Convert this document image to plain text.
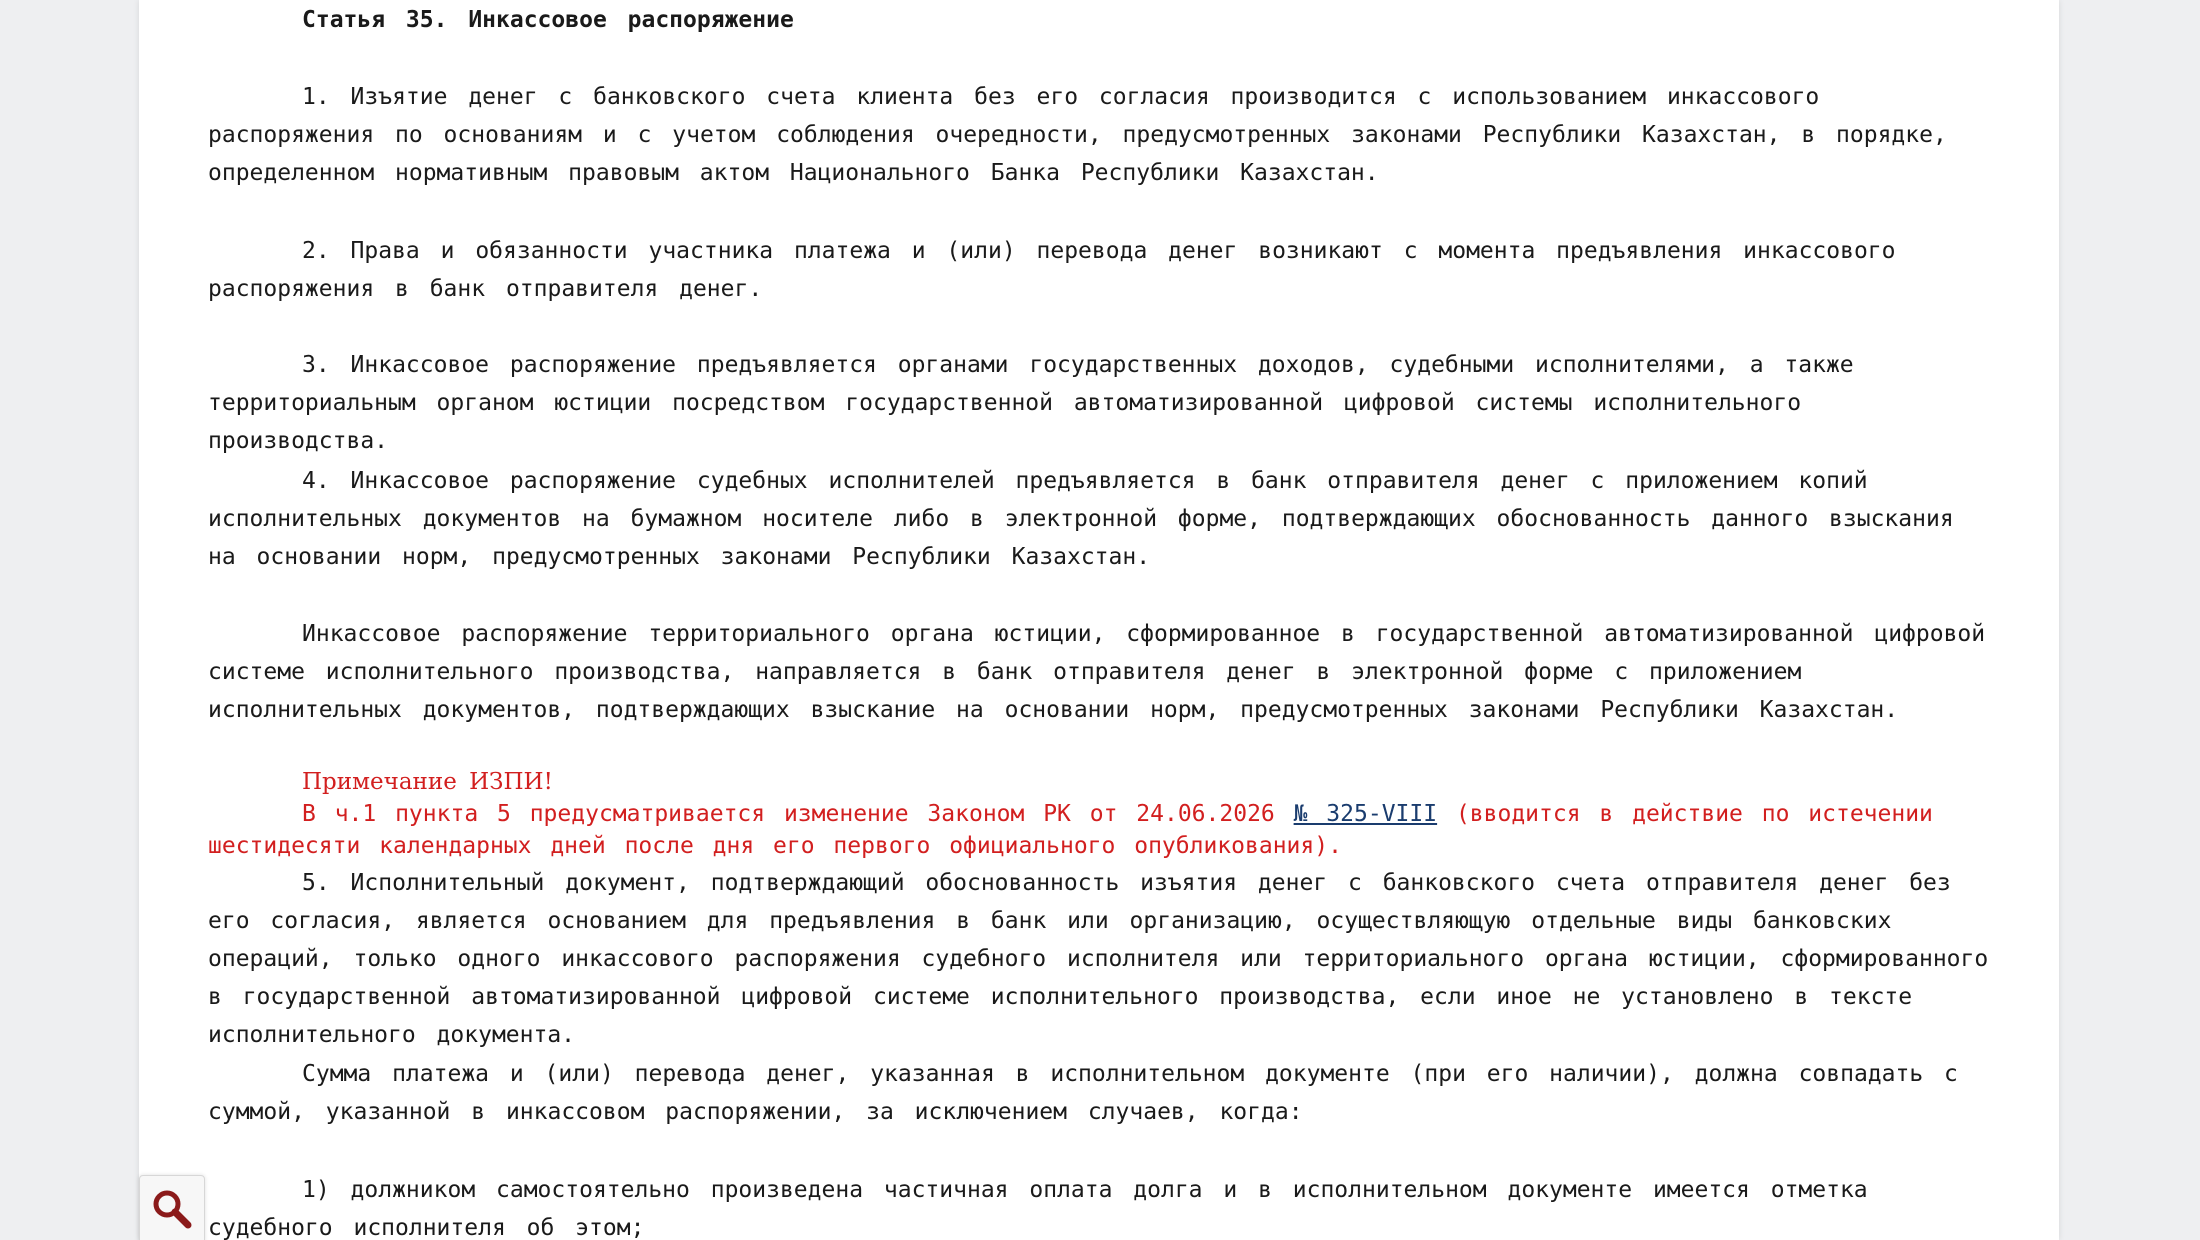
Статья 35. Инкассовое распоряжение
1. Изъятие денег с банковского счета клиента без его согласия производится с использованием инкассового распоряжения по основаниям и с учетом соблюдения очередности, предусмотренных законами Республики Казахстан, в порядке, определенном нормативным правовым актом Национального Банка Республики Казахстан.
2. Права и обязанности участника платежа и (или) перевода денег возникают с момента предъявления инкассового распоряжения в банк отправителя денег.
3. Инкассовое распоряжение предъявляется органами государственных доходов, судебными исполнителями, а также территориальным органом юстиции посредством государственной автоматизированной цифровой системы исполнительного производства.
4. Инкассовое распоряжение судебных исполнителей предъявляется в банк отправителя денег с приложением копий исполнительных документов на бумажном носителе либо в электронной форме, подтверждающих обоснованность данного взыскания на основании норм, предусмотренных законами Республики Казахстан.
Инкассовое распоряжение территориального органа юстиции, сформированное в государственной автоматизированной цифровой системе исполнительного производства, направляется в банк отправителя денег в электронной форме с приложением исполнительных документов, подтверждающих взыскание на основании норм, предусмотренных законами Республики Казахстан.
Примечание ИЗПИ!
В ч.1 пункта 5 предусматривается изменение Законом РК от 24.06.2026 № 325-VIII (вводится в действие по истечении шестидесяти календарных дней после дня его первого официального опубликования).
5. Исполнительный документ, подтверждающий обоснованность изъятия денег с банковского счета отправителя денег без его согласия, является основанием для предъявления в банк или организацию, осуществляющую отдельные виды банковских операций, только одного инкассового распоряжения судебного исполнителя или территориального органа юстиции, сформированного в государственной автоматизированной цифровой системе исполнительного производства, если иное не установлено в тексте исполнительного документа.
Сумма платежа и (или) перевода денег, указанная в исполнительном документе (при его наличии), должна совпадать с суммой, указанной в инкассовом распоряжении, за исключением случаев, когда:
1) должником самостоятельно произведена частичная оплата долга и в исполнительном документе имеется отметка судебного исполнителя об этом;
